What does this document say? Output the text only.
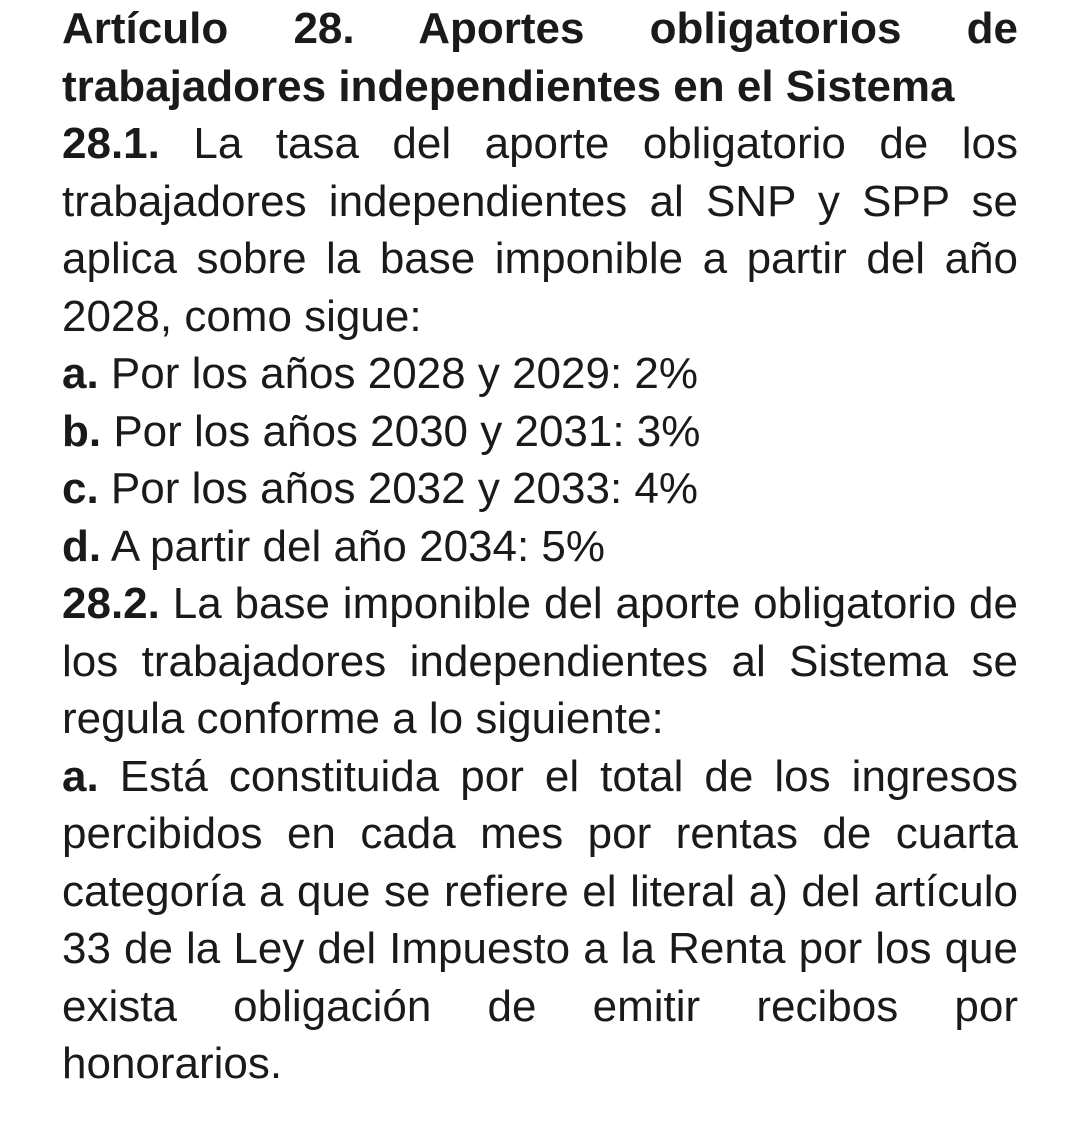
Artículo 28. Aportes obligatorios de trabajadores independientes en el Sistema

28.1. La tasa del aporte obligatorio de los trabajadores independientes al SNP y SPP se aplica sobre la base imponible a partir del año 2028, como sigue:

a. Por los años 2028 y 2029: 2%

b. Por los años 2030 y 2031: 3%

c. Por los años 2032 y 2033: 4%

d. A partir del año 2034: 5%

28.2. La base imponible del aporte obligatorio de los trabajadores independientes al Sistema se regula conforme a lo siguiente:

a. Está constituida por el total de los ingresos percibidos en cada mes por rentas de cuarta categoría a que se refiere el literal a) del artículo 33 de la Ley del Impuesto a la Renta por los que exista obligación de emitir recibos por honorarios.
